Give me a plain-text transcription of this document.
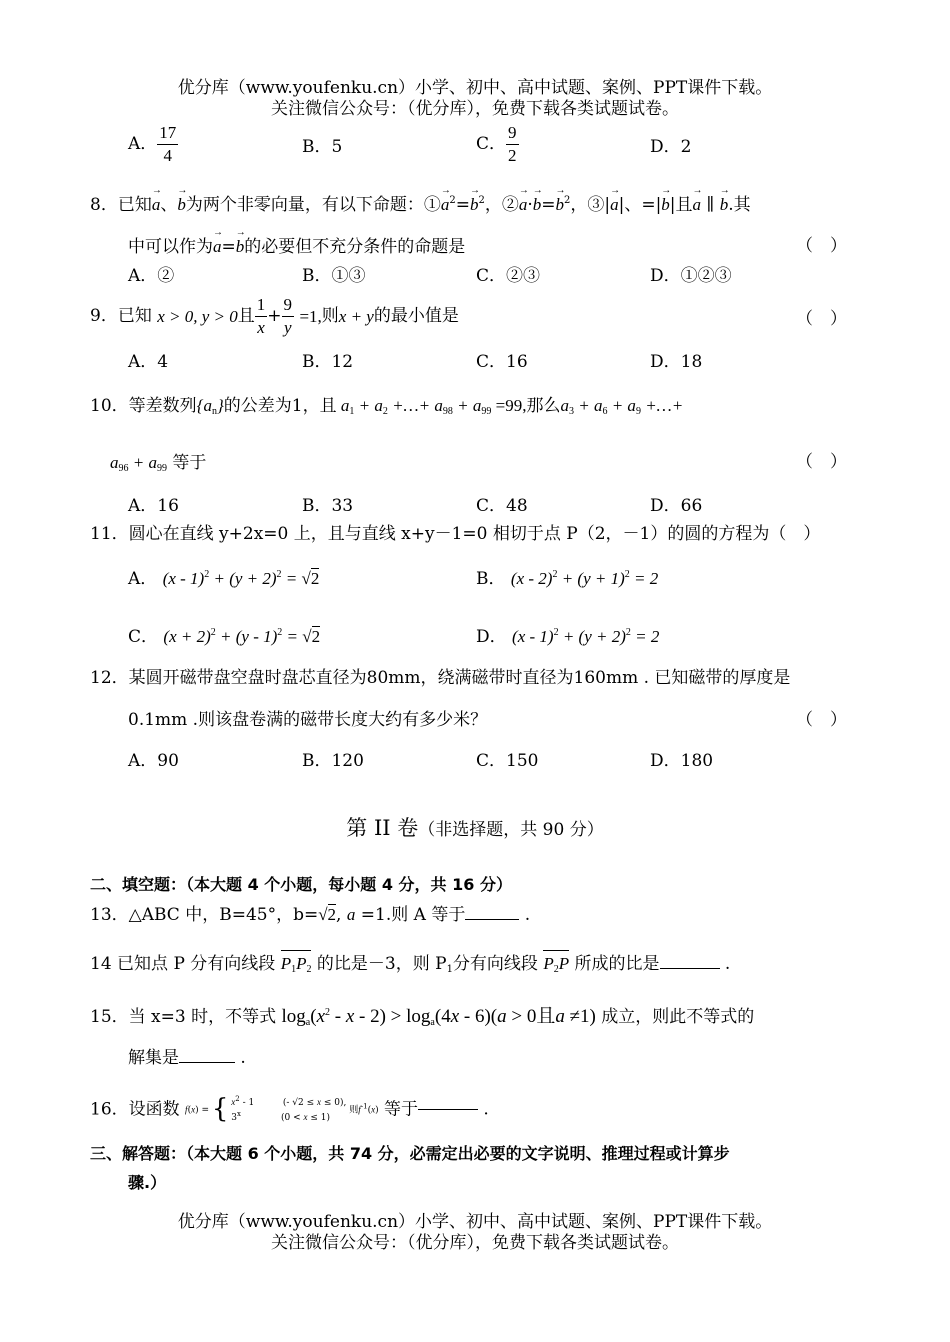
优分库（www.youfenku.cn）小学、初中、高中试题、案例、PPT课件下载。
关注微信公众号：（优分库），免费下载各类试题试卷。
A． $\frac{17}{4}$	B．5	C． $\frac{9}{2}$	D．2
8．已知→ a、→ b为两个非零向量，有以下命题：①→ $a^2=\to b^2$，②→ $a\cdot\to b=\to b^2$，③|→ a|、=|→ b|且→ a ∥ → b.其
中可以作为→ a=→ b的必要但不充分条件的命题是	（　）
A．②	B．①③	C．②③	D．①②③
9．已知 x > 0, y > 0且 $\frac{1}{x} + \frac{9}{y} =1$,则x + y的最小值是	（　）
A．4	B．12	C．16	D．18
10．等差数列$\{a_n\}$的公差为1，且 $a_1 + a_2$ +…+ $a_{98} + a_{99} =99$,那么$a_3 + a_6 + a_9$ +…+
$a_{96} + a_{99}$ 等于	（　）
A．16	B．33	C．48	D．66
11．圆心在直线 y+2x=0 上，且与直线 x+y－1=0 相切于点 P（2，－1）的圆的方程为（　）
A． $(x - 1)^2 + (y + 2)^2 = √2$	B． $(x - 2)^2 + (y + 1)^2 = 2$
C． $(x + 2)^2 + (y - 1)^2 = √2$	D． $(x - 1)^2 + (y + 2)^2 = 2$
12．某圆开磁带盘空盘时盘芯直径为80mm，绕满磁带时直径为160mm . 已知磁带的厚度是
0.1mm .则该盘卷满的磁带长度大约有多少米？	（　）
A．90	B．120	C．150	D．180
第 II 卷（非选择题，共 90 分）
二、填空题：（本大题 4 个小题，每小题 4 分，共 16 分）
13．△ABC 中，B=45°，b=√2, a =1.则 A 等于	.
14 已知点 P 分有向线段 $P_1P_2$ 的比是－3，则 $P_1$分有向线段 $P_2P$ 所成的比是	.
15．当 x=3 时，不等式 $\log_a(x^2 - x - 2) > \log_a(4x - 6)(a > 0$且a ≠1) 成立，则此不等式的
解集是	.
16．设函数 f(x) = { $x^2 - 1$          (- √2 ≤ x ≤ 0),
3$^x$              (0 < x ≤ 1)
则$f^{-1}(x)$ 等于	.
三、解答题：（本大题 6 个小题，共 74 分，必需定出必要的文字说明、推理过程或计算步
骤.）
优分库（www.youfenku.cn）小学、初中、高中试题、案例、PPT课件下载。
关注微信公众号：（优分库），免费下载各类试题试卷。
